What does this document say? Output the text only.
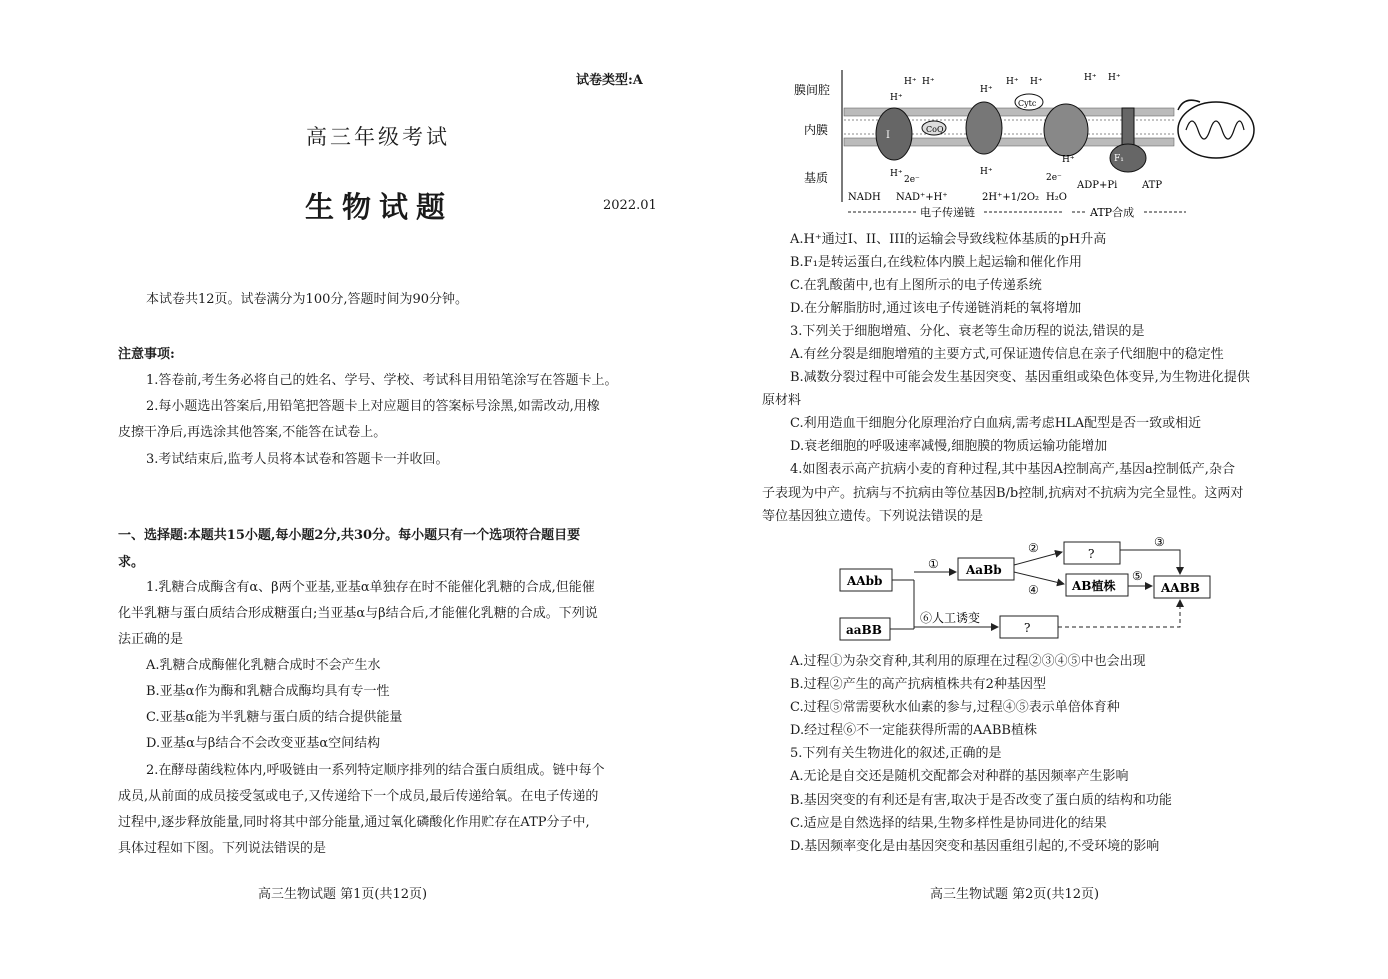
试卷类型:A
高三年级考试
生物试题	2022.01
本试卷共12页。试卷满分为100分,答题时间为90分钟。
注意事项:
1.答卷前,考生务必将自己的姓名、学号、学校、考试科目用铅笔涂写在答题卡上。
2.每小题选出答案后,用铅笔把答题卡上对应题目的答案标号涂黑,如需改动,用橡
皮擦干净后,再选涂其他答案,不能答在试卷上。
3.考试结束后,监考人员将本试卷和答题卡一并收回。
一、选择题:本题共15小题,每小题2分,共30分。每小题只有一个选项符合题目要
求。
1.乳糖合成酶含有α、β两个亚基,亚基α单独存在时不能催化乳糖的合成,但能催
化半乳糖与蛋白质结合形成糖蛋白;当亚基α与β结合后,才能催化乳糖的合成。下列说
法正确的是
A.乳糖合成酶催化乳糖合成时不会产生水
B.亚基α作为酶和乳糖合成酶均具有专一性
C.亚基α能为半乳糖与蛋白质的结合提供能量
D.亚基α与β结合不会改变亚基α空间结构
2.在酵母菌线粒体内,呼吸链由一系列特定顺序排列的结合蛋白质组成。链中每个
成员,从前面的成员接受氢或电子,又传递给下一个成员,最后传递给氧。在电子传递的
过程中,逐步释放能量,同时将其中部分能量,通过氧化磷酸化作用贮存在ATP分子中,
具体过程如下图。下列说法错误的是
高三生物试题 第1页(共12页)
膜间腔
内膜
基质
I
CoQ
Cytc
F₁
H⁺ H⁺
H⁺
H⁺
H⁺ H⁺	H⁺ H⁺
H⁺	H⁺
H⁺
2e⁻	2e⁻
NADH NAD⁺+H⁺	2H⁺+1/2O₂ H₂O
ADP+Pi ATP
电子传递链	ATP合成
A.H⁺通过I、II、III的运输会导致线粒体基质的pH升高
B.F₁是转运蛋白,在线粒体内膜上起运输和催化作用
C.在乳酸菌中,也有上图所示的电子传递系统
D.在分解脂肪时,通过该电子传递链消耗的氧将增加
3.下列关于细胞增殖、分化、衰老等生命历程的说法,错误的是
A.有丝分裂是细胞增殖的主要方式,可保证遗传信息在亲子代细胞中的稳定性
B.减数分裂过程中可能会发生基因突变、基因重组或染色体变异,为生物进化提供
原材料
C.利用造血干细胞分化原理治疗白血病,需考虑HLA配型是否一致或相近
D.衰老细胞的呼吸速率减慢,细胞膜的物质运输功能增加
4.如图表示高产抗病小麦的育种过程,其中基因A控制高产,基因a控制低产,杂合
子表现为中产。抗病与不抗病由等位基因B/b控制,抗病对不抗病为完全显性。这两对
等位基因独立遗传。下列说法错误的是
AAbb
aaBB
AaBb
?
AB植株	AABB
?
①
②	③
④
⑤
⑥人工诱变
A.过程①为杂交育种,其利用的原理在过程②③④⑤中也会出现
B.过程②产生的高产抗病植株共有2种基因型
C.过程⑤常需要秋水仙素的参与,过程④⑤表示单倍体育种
D.经过程⑥不一定能获得所需的AABB植株
5.下列有关生物进化的叙述,正确的是
A.无论是自交还是随机交配都会对种群的基因频率产生影响
B.基因突变的有利还是有害,取决于是否改变了蛋白质的结构和功能
C.适应是自然选择的结果,生物多样性是协同进化的结果
D.基因频率变化是由基因突变和基因重组引起的,不受环境的影响
高三生物试题 第2页(共12页)
